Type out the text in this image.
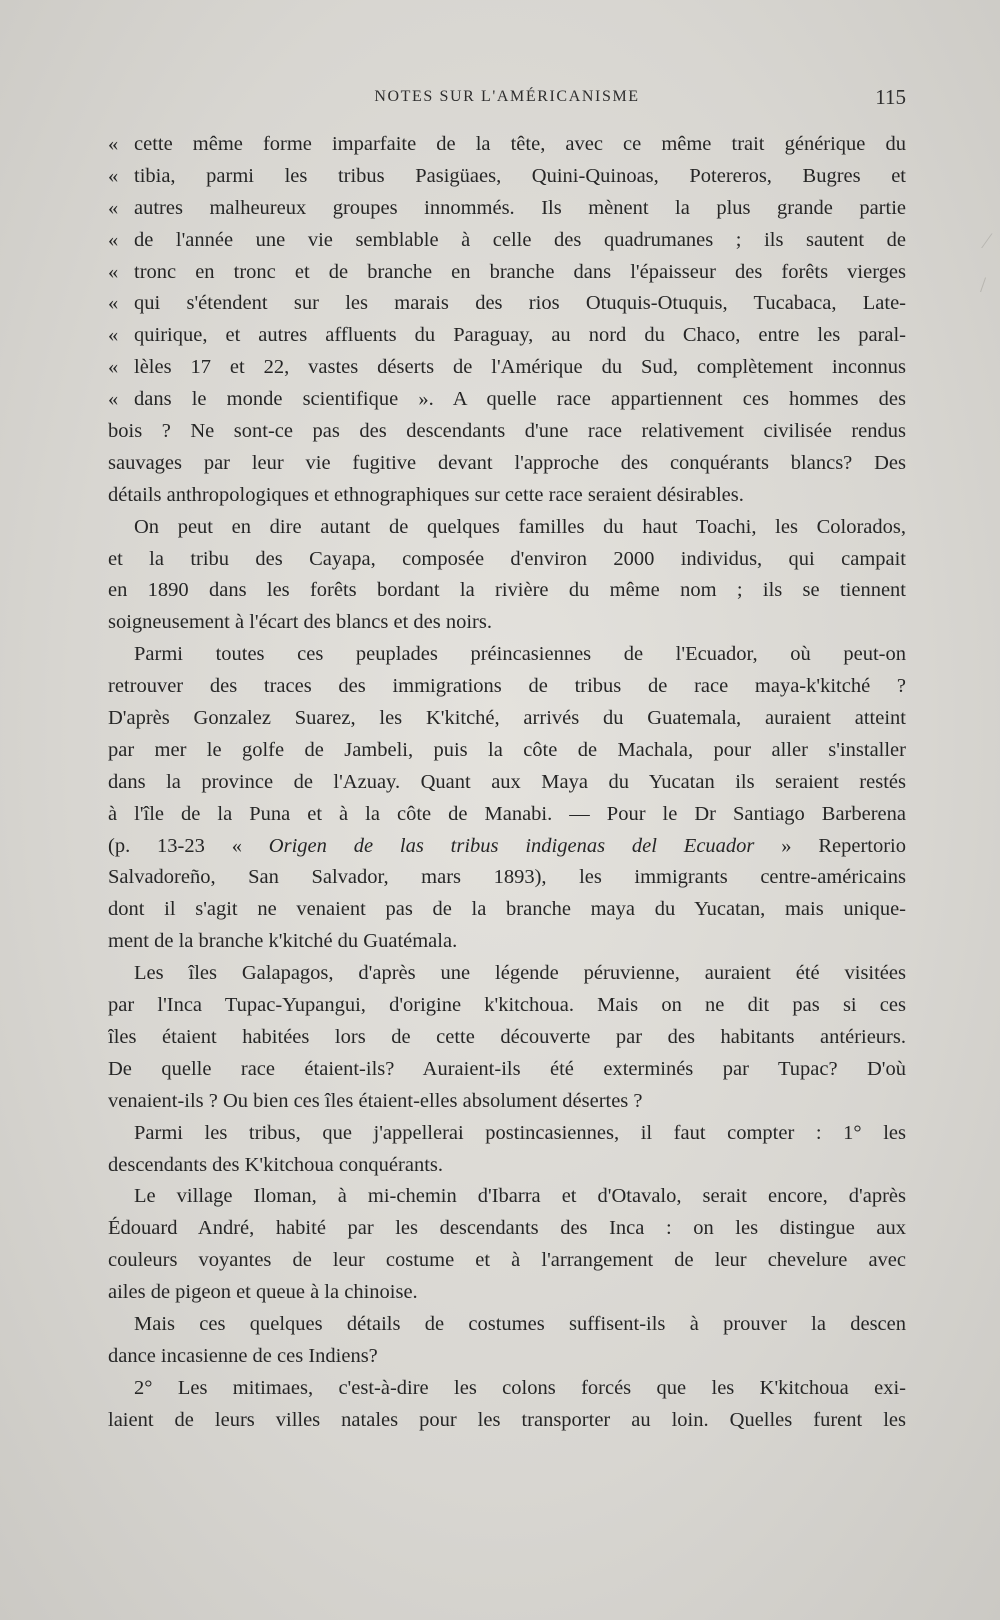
NOTES SUR L'AMÉRICANISME	115
« cette même forme imparfaite de la tête, avec ce même trait générique du
« tibia, parmi les tribus Pasigüaes, Quini-Quinoas, Potereros, Bugres et
« autres malheureux groupes innommés. Ils mènent la plus grande partie
« de l'année une vie semblable à celle des quadrumanes ; ils sautent de
« tronc en tronc et de branche en branche dans l'épaisseur des forêts vierges
« qui s'étendent sur les marais des rios Otuquis-Otuquis, Tucabaca, Late-
« quirique, et autres affluents du Paraguay, au nord du Chaco, entre les paral-
« lèles 17 et 22, vastes déserts de l'Amérique du Sud, complètement inconnus
« dans le monde scientifique ». A quelle race appartiennent ces hommes des
bois ? Ne sont-ce pas des descendants d'une race relativement civilisée rendus
sauvages par leur vie fugitive devant l'approche des conquérants blancs? Des
détails anthropologiques et ethnographiques sur cette race seraient désirables.
On peut en dire autant de quelques familles du haut Toachi, les Colorados,
et la tribu des Cayapa, composée d'environ 2000 individus, qui campait
en 1890 dans les forêts bordant la rivière du même nom ; ils se tiennent
soigneusement à l'écart des blancs et des noirs.
Parmi toutes ces peuplades préincasiennes de l'Ecuador, où peut-on
retrouver des traces des immigrations de tribus de race maya-k'kitché ?
D'après Gonzalez Suarez, les K'kitché, arrivés du Guatemala, auraient atteint
par mer le golfe de Jambeli, puis la côte de Machala, pour aller s'installer
dans la province de l'Azuay. Quant aux Maya du Yucatan ils seraient restés
à l'île de la Puna et à la côte de Manabi. — Pour le Dr Santiago Barberena
(p. 13-23 « Origen de las tribus indigenas del Ecuador » Repertorio
Salvadoreño, San Salvador, mars 1893), les immigrants centre-américains
dont il s'agit ne venaient pas de la branche maya du Yucatan, mais unique-
ment de la branche k'kitché du Guatémala.
Les îles Galapagos, d'après une légende péruvienne, auraient été visitées
par l'Inca Tupac-Yupangui, d'origine k'kitchoua. Mais on ne dit pas si ces
îles étaient habitées lors de cette découverte par des habitants antérieurs.
De quelle race étaient-ils? Auraient-ils été exterminés par Tupac? D'où
venaient-ils ? Ou bien ces îles étaient-elles absolument désertes ?
Parmi les tribus, que j'appellerai postincasiennes, il faut compter : 1° les
descendants des K'kitchoua conquérants.
Le village Iloman, à mi-chemin d'Ibarra et d'Otavalo, serait encore, d'après
Édouard André, habité par les descendants des Inca : on les distingue aux
couleurs voyantes de leur costume et à l'arrangement de leur chevelure avec
ailes de pigeon et queue à la chinoise.
Mais ces quelques détails de costumes suffisent-ils à prouver la descen
dance incasienne de ces Indiens?
2° Les mitimaes, c'est-à-dire les colons forcés que les K'kitchoua exi-
laient de leurs villes natales pour les transporter au loin. Quelles furent les
⁄
/
